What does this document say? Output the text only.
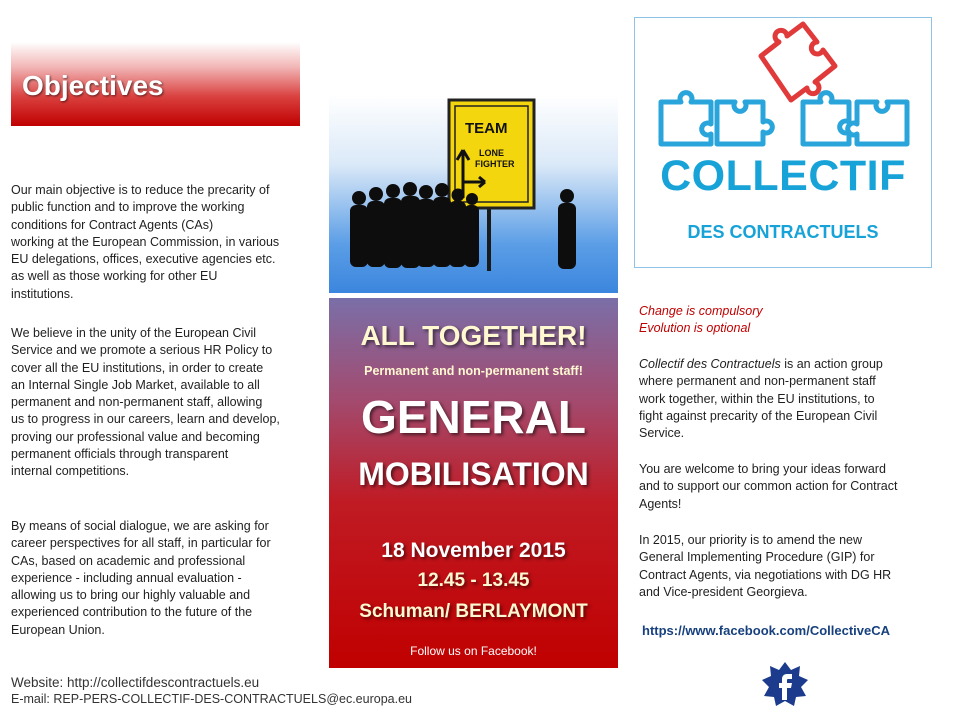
Objectives

Our main objective is to reduce the precarity of
public function and to improve the working
conditions for Contract Agents (CAs)
working at the European Commission, in various
EU delegations, offices, executive agencies etc.
as well as those working for other EU
institutions.

We believe in the unity of the European Civil
Service and we promote a serious HR Policy to
cover all the EU institutions, in order to create
an Internal Single Job Market, available to all
permanent and non-permanent staff, allowing
us to progress in our careers, learn and develop,
proving our professional value and becoming
permanent officials through transparent
internal competitions.

By means of social dialogue, we are asking for
career perspectives for all staff, in particular for
CAs, based on academic and professional
experience - including annual evaluation -
allowing us to bring our highly valuable and
experienced contribution to the future of the
European Union.

TEAM
LONE
FIGHTER
ALL TOGETHER!
Permanent and non-permanent staff!
GENERAL
MOBILISATION
18 November 2015
12.45 - 13.45
Schuman/ BERLAYMONT
Follow us on Facebook!
COLLECTIF
DES CONTRACTUELS
Change is compulsory
Evolution is optional

Collectif des Contractuels is an action group
where permanent and non-permanent staff
work together, within the EU institutions, to
fight against precarity of the European Civil
Service.

You are welcome to bring your ideas forward
and to support our common action for Contract
Agents!

In 2015, our priority is to amend the new
General Implementing Procedure (GIP) for
Contract Agents, via negotiations with DG HR
and Vice-president Georgieva.

https://www.facebook.com/CollectiveCA
Website: http://collectifdescontractuels.eu
E-mail: REP-PERS-COLLECTIF-DES-CONTRACTUELS@ec.europa.eu
